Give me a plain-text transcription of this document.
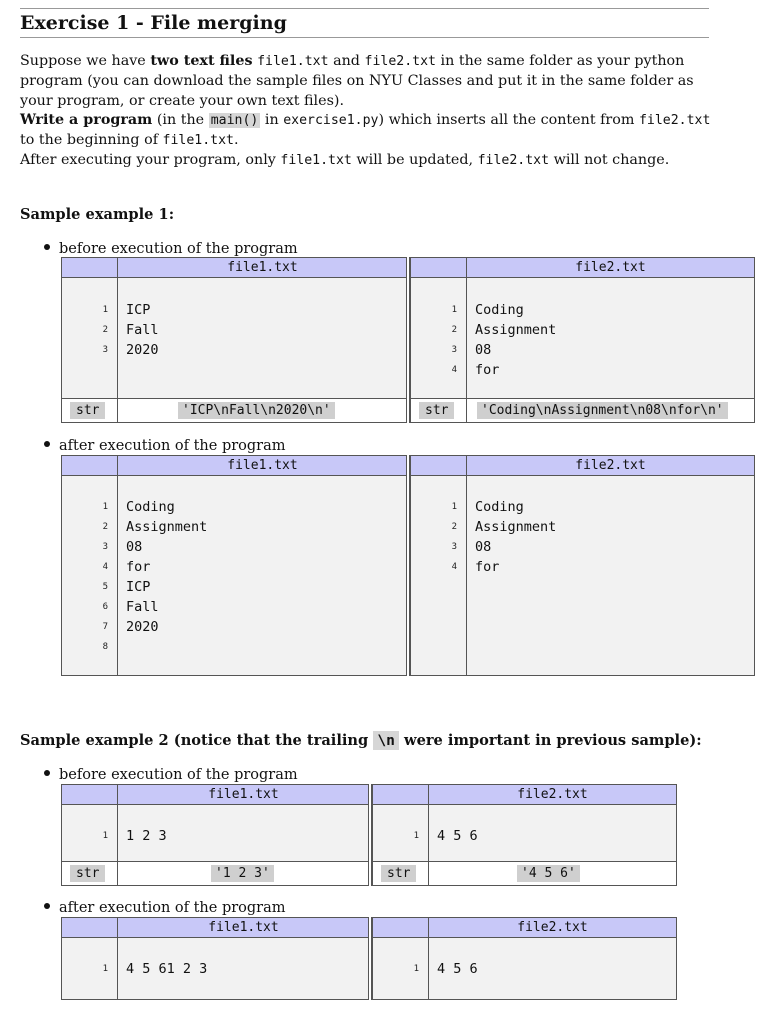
Exercise 1 - File merging
Suppose we have two text files file1.txt and file2.txt in the same folder as your python program (you can download the sample files on NYU Classes and put it in the same folder as your program, or create your own text files).
Write a program (in the main() in exercise1.py) which inserts all the content from file2.txt to the beginning of file1.txt.
After executing your program, only file1.txt will be updated, file2.txt will not change.
Sample example 1:
before execution of the program
file1.txt
1 ICP
2 Fall
3 2020
str	'ICP\nFall\n2020\n'
file2.txt
1 Coding
2 Assignment
3 08
4 for
str	'Coding\nAssignment\n08\nfor\n'
after execution of the program
file1.txt
1 Coding
2 Assignment
3 08
4 for
5 ICP
6 Fall
7 2020
8
file2.txt
1 Coding
2 Assignment
3 08
4 for
Sample example 2 (notice that the trailing \n were important in previous sample):
before execution of the program
file1.txt
1 1 2 3
str	'1 2 3'
file2.txt
1 4 5 6
str	'4 5 6'
after execution of the program
file1.txt
1 4 5 61 2 3
file2.txt
1 4 5 6
